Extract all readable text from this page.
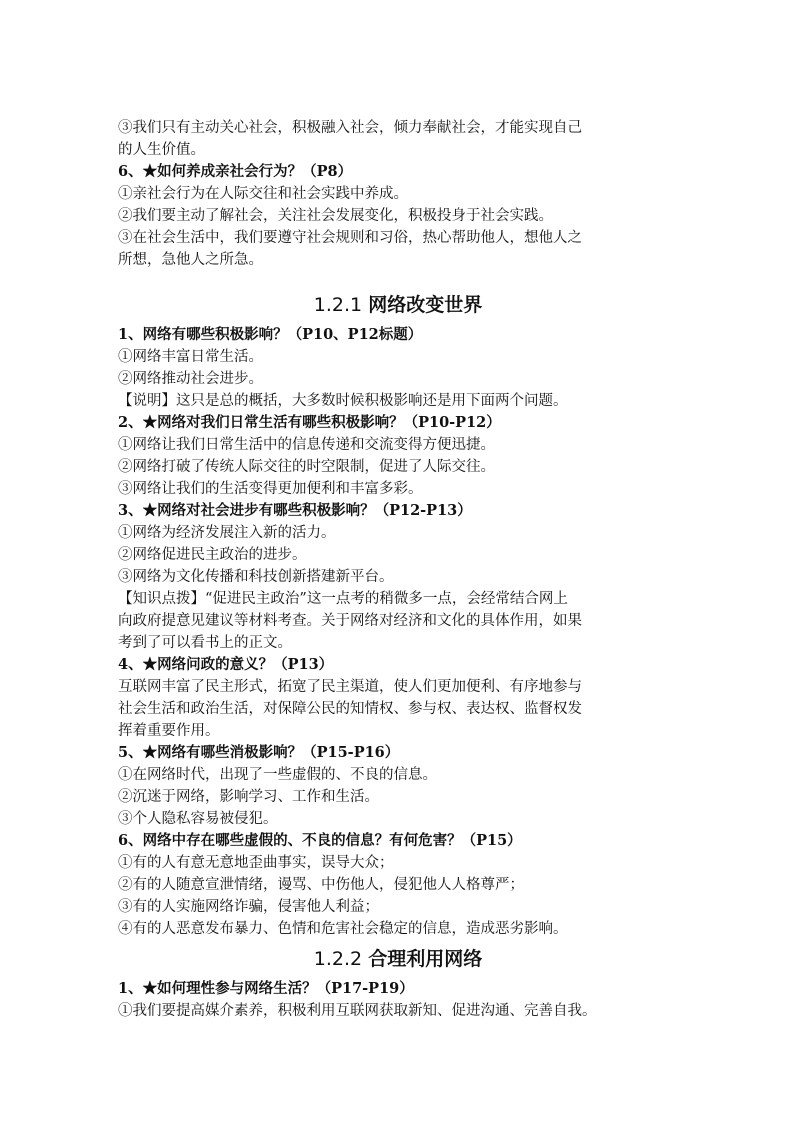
③我们只有主动关心社会，积极融入社会，倾力奉献社会，才能实现自己
的人生价值。
6、★如何养成亲社会行为？（P8）
①亲社会行为在人际交往和社会实践中养成。
②我们要主动了解社会，关注社会发展变化，积极投身于社会实践。
③在社会生活中，我们要遵守社会规则和习俗，热心帮助他人，想他人之
所想，急他人之所急。
1.2.1 网络改变世界
1、网络有哪些积极影响？（P10、P12标题）
①网络丰富日常生活。
②网络推动社会进步。
【说明】这只是总的概括，大多数时候积极影响还是用下面两个问题。
2、★网络对我们日常生活有哪些积极影响？（P10-P12）
①网络让我们日常生活中的信息传递和交流变得方便迅捷。
②网络打破了传统人际交往的时空限制，促进了人际交往。
③网络让我们的生活变得更加便利和丰富多彩。
3、★网络对社会进步有哪些积极影响？（P12-P13）
①网络为经济发展注入新的活力。
②网络促进民主政治的进步。
③网络为文化传播和科技创新搭建新平台。
【知识点拨】“促进民主政治”这一点考的稍微多一点，会经常结合网上
向政府提意见建议等材料考查。关于网络对经济和文化的具体作用，如果
考到了可以看书上的正文。
4、★网络问政的意义？（P13）
互联网丰富了民主形式，拓宽了民主渠道，使人们更加便利、有序地参与
社会生活和政治生活，对保障公民的知情权、参与权、表达权、监督权发
挥着重要作用。
5、★网络有哪些消极影响？（P15-P16）
①在网络时代，出现了一些虚假的、不良的信息。
②沉迷于网络，影响学习、工作和生活。
③个人隐私容易被侵犯。
6、网络中存在哪些虚假的、不良的信息？有何危害？（P15）
①有的人有意无意地歪曲事实，误导大众；
②有的人随意宣泄情绪，谩骂、中伤他人，侵犯他人人格尊严；
③有的人实施网络诈骗，侵害他人利益；
④有的人恶意发布暴力、色情和危害社会稳定的信息，造成恶劣影响。
1.2.2 合理利用网络
1、★如何理性参与网络生活？（P17-P19）
①我们要提高媒介素养，积极利用互联网获取新知、促进沟通、完善自我。
